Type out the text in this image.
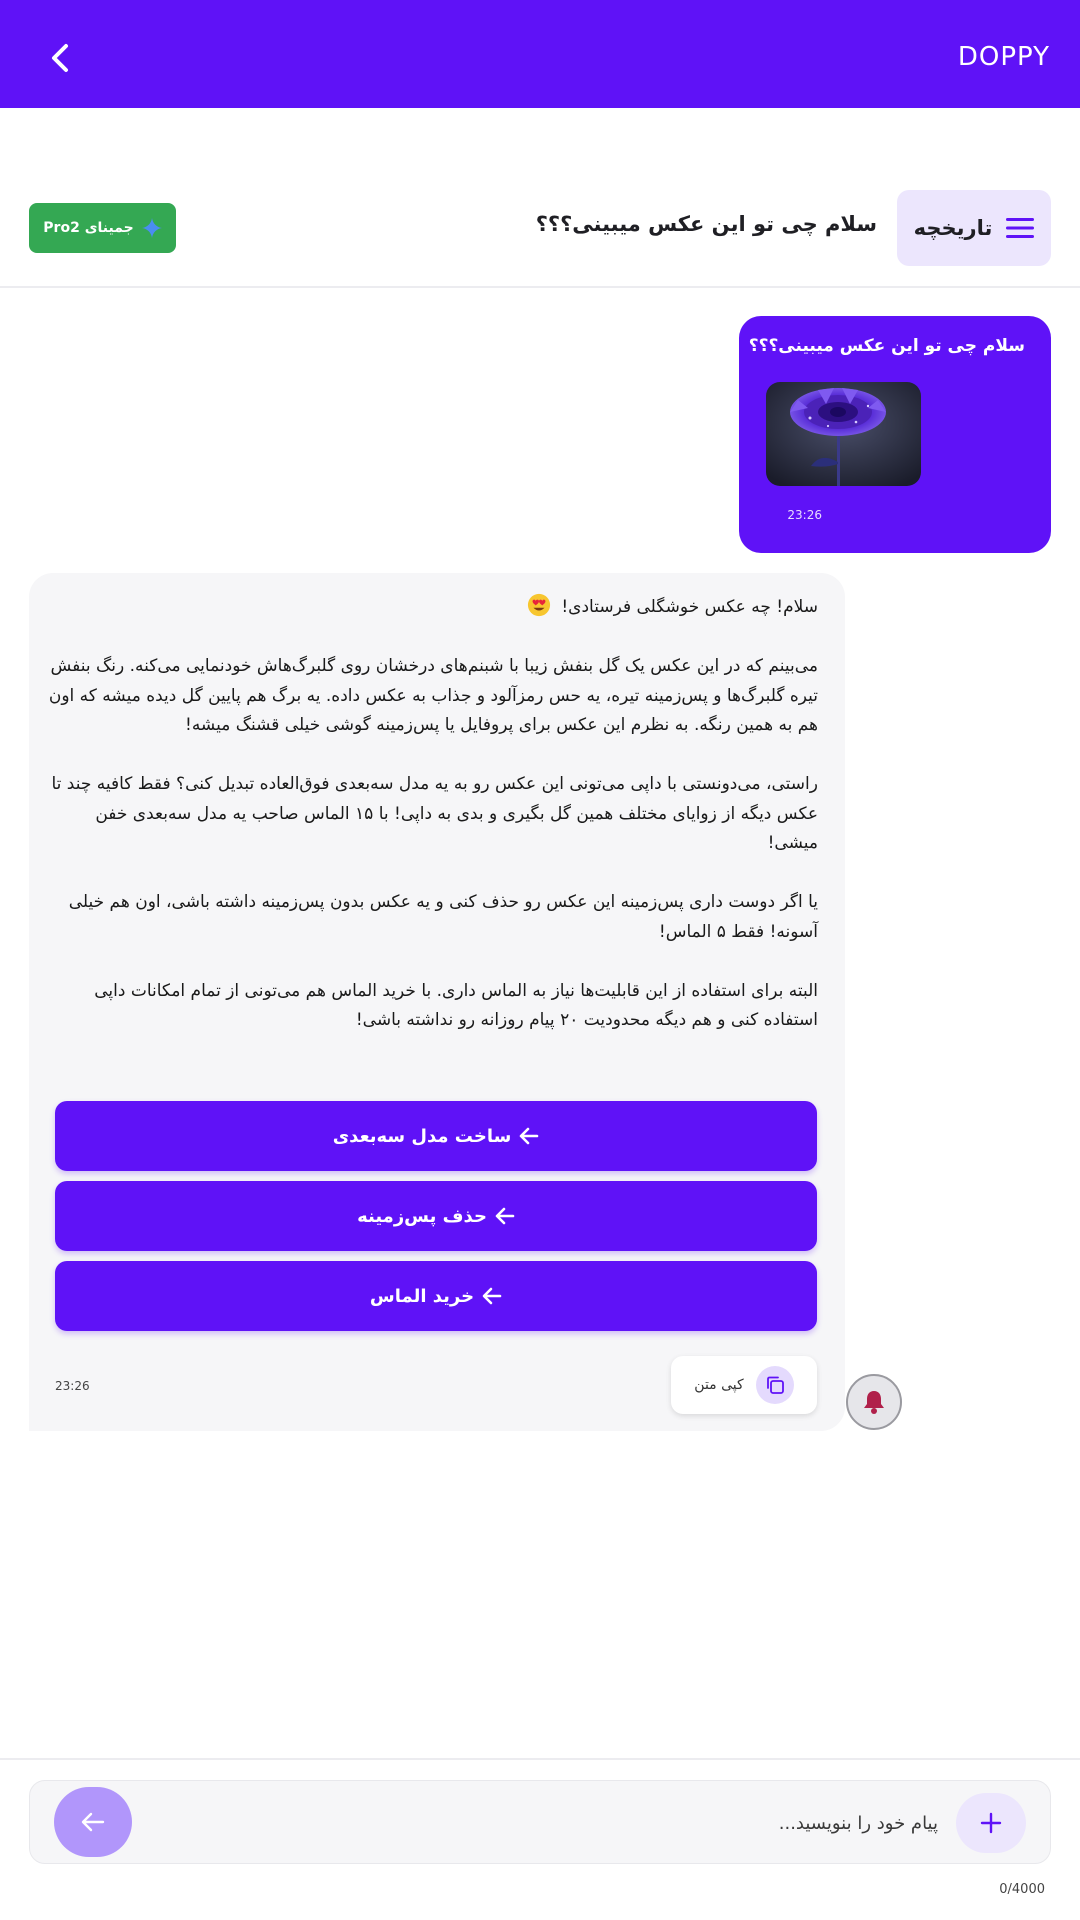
DOPPY
تاریخچه
سلام چی تو این عکس میبینی؟؟؟
جمینای Pro2
سلام چی تو این عکس میبینی؟؟؟
23:26

سلام! چه عکس خوشگلی فرستادی!

می‌بینم که در این عکس یک گل بنفش زیبا با شبنم‌های درخشان روی گلبرگ‌هاش خودنمایی می‌کنه. رنگ بنفش تیره گلبرگ‌ها و پس‌زمینه تیره، یه حس رمزآلود و جذاب به عکس داده. یه برگ هم پایین گل دیده میشه که اون هم به همین رنگه. به نظرم این عکس برای پروفایل یا پس‌زمینه گوشی خیلی قشنگ میشه!

راستی، می‌دونستی با داپی می‌تونی این عکس رو به یه مدل سه‌بعدی فوق‌العاده تبدیل کنی؟ فقط کافیه چند تا عکس دیگه از زوایای مختلف همین گل بگیری و بدی به داپی! با ۱۵ الماس صاحب یه مدل سه‌بعدی خفن میشی!

یا اگر دوست داری پس‌زمینه این عکس رو حذف کنی و یه عکس بدون پس‌زمینه داشته باشی، اون هم خیلی آسونه! فقط ۵ الماس!

البته برای استفاده از این قابلیت‌ها نیاز به الماس داری. با خرید الماس هم می‌تونی از تمام امکانات داپی استفاده کنی و هم دیگه محدودیت ۲۰ پیام روزانه رو نداشته باشی!

ساخت مدل سه‌بعدی
حذف پس‌زمینه
خرید الماس
کپی متن
23:26
پیام خود را بنویسید...
0/4000
